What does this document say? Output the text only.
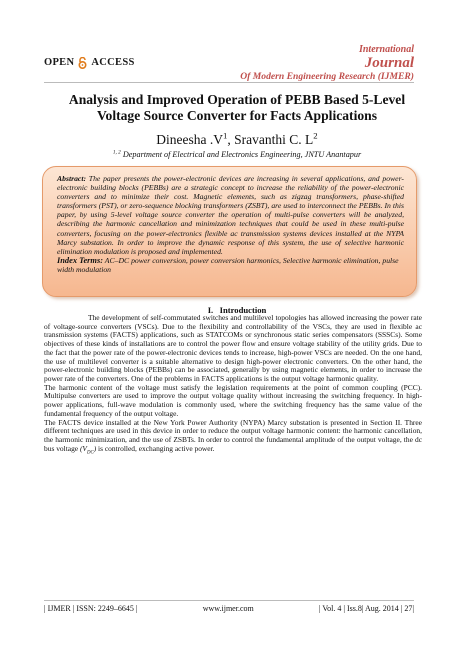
OPEN ACCESS
International
Journal
Of Modern Engineering Research (IJMER)
Analysis and Improved Operation of PEBB Based 5-Level
Voltage Source Converter for Facts Applications
Dineesha $.V^1$, Sravanthi C. $L^2$
$^{1, 2}$ Department of Electrical and Electronics Engineering, JNTU Anantapur
Abstract: The paper presents the power-electronic devices are increasing in several applications, and power-electronic building blocks (PEBBs) are a strategic concept to increase the reliability of the power-electronic converters and to minimize their cost. Magnetic elements, such as zigzag transformers, phase-shifted transformers (PST), or zero-sequence blocking transformers (ZSBT), are used to interconnect the PEBBs. In this paper, by using 5-level voltage source converter the operation of multi-pulse converters will be analyzed, describing the harmonic cancellation and minimization techniques that could be used in these multi-pulse converters, focusing on the power-electronics flexible ac transmission systems devices installed at the NYPA Marcy substation. In order to improve the dynamic response of this system, the use of selective harmonic elimination modulation is proposed and implemented.
Index Terms: AC–DC power conversion, power conversion harmonics, Selective harmonic elimination, pulse width modulation
I.   Introduction

The development of self-commutated switches and multilevel topologies has allowed increasing the power rate of voltage-source converters (VSCs). Due to the flexibility and controllability of the VSCs, they are used in flexible ac transmission systems (FACTS) applications, such as STATCOMs or synchronous static series compensators (SSSCs). Some objectives of these kinds of installations are to control the power flow and ensure voltage stability of the utility grids. Due to the fact that the power rate of the power-electronic devices tends to increase, high-power VSCs are needed. On the one hand, the use of multilevel converter is a suitable alternative to design high-power electronic converters. On the other hand, the power-electronic building blocks (PEBBs) can be associated, generally by using magnetic elements, in order to increase the power rate of the converters. One of the problems in FACTS applications is the output voltage harmonic quality.

The harmonic content of the voltage must satisfy the legislation requirements at the point of common coupling (PCC). Multipulse converters are used to improve the output voltage quality without increasing the switching frequency. In high-power applications, full-wave modulation is commonly used, where the switching frequency has the same value of the fundamental frequency of the output voltage.

The FACTS device installed at the New York Power Authority (NYPA) Marcy substation is presented in Section II. Three different techniques are used in this device in order to reduce the output voltage harmonic content: the harmonic cancellation, the harmonic minimization, and the use of ZSBTs. In order to control the fundamental amplitude of the output voltage, the dc bus voltage $(V_{DC})$ is controlled, exchanging active power.

| IJMER | ISSN: 2249–6645 |	www.ijmer.com	| Vol. 4 | Iss.8| Aug. 2014 | 27|
